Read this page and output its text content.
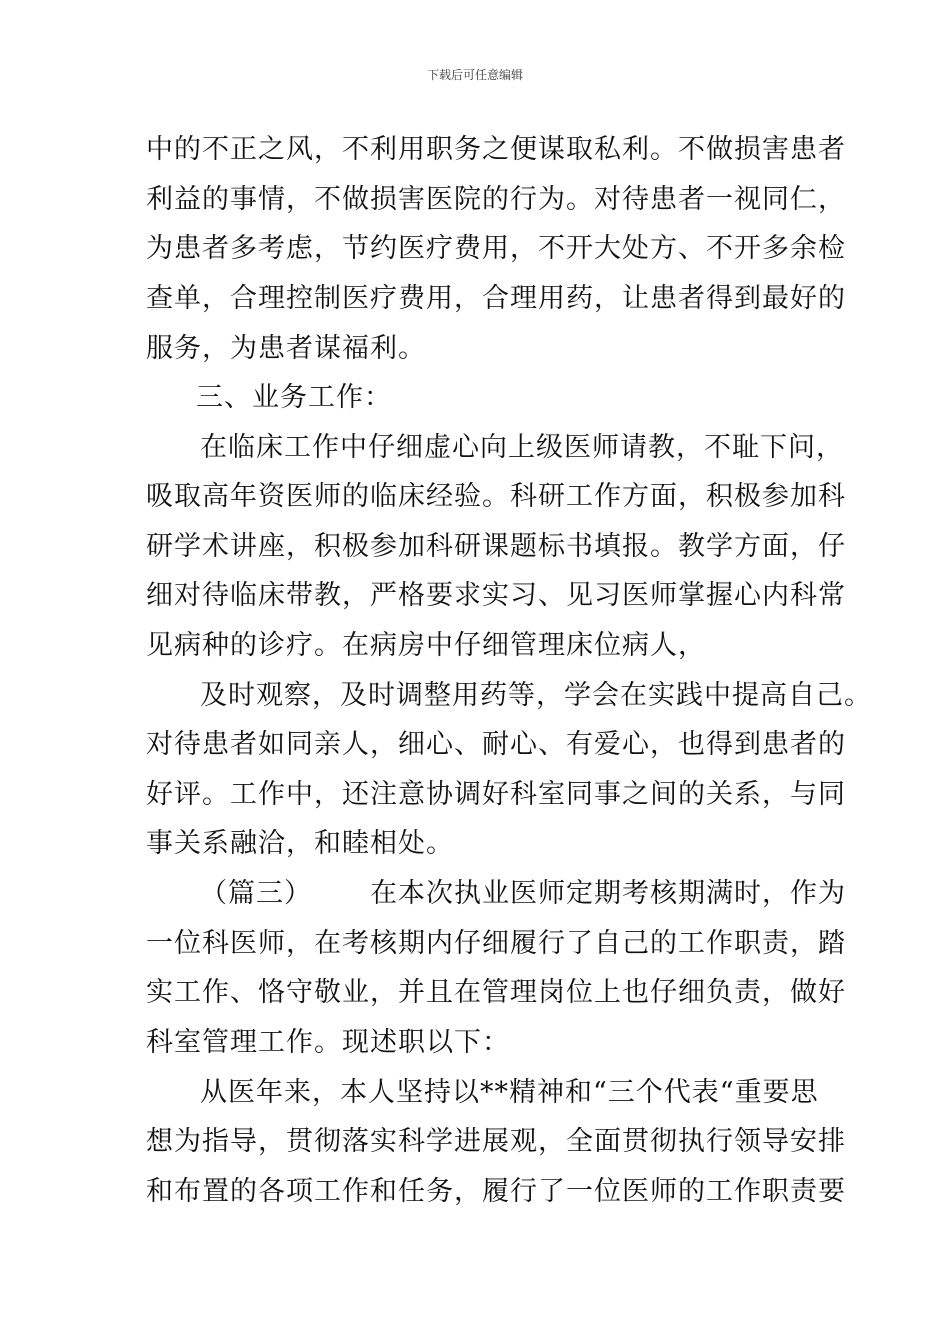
下载后可任意编辑
中的不正之风，不利用职务之便谋取私利。不做损害患者
利益的事情，不做损害医院的行为。对待患者一视同仁，
为患者多考虑，节约医疗费用，不开大处方、不开多余检
查单，合理控制医疗费用，合理用药，让患者得到最好的
服务，为患者谋福利。
三、业务工作：
在临床工作中仔细虚心向上级医师请教，不耻下问，
吸取高年资医师的临床经验。科研工作方面，积极参加科
研学术讲座，积极参加科研课题标书填报。教学方面，仔
细对待临床带教，严格要求实习、见习医师掌握心内科常
见病种的诊疗。在病房中仔细管理床位病人，
及时观察，及时调整用药等，学会在实践中提高自己。
对待患者如同亲人，细心、耐心、有爱心，也得到患者的
好评。工作中，还注意协调好科室同事之间的关系，与同
事关系融洽，和睦相处。
（篇三） 在本次执业医师定期考核期满时，作为
一位科医师，在考核期内仔细履行了自己的工作职责，踏
实工作、恪守敬业，并且在管理岗位上也仔细负责，做好
科室管理工作。现述职以下：
从医年来，本人坚持以**精神和“三个代表“重要思
想为指导，贯彻落实科学进展观，全面贯彻执行领导安排
和布置的各项工作和任务，履行了一位医师的工作职责要
